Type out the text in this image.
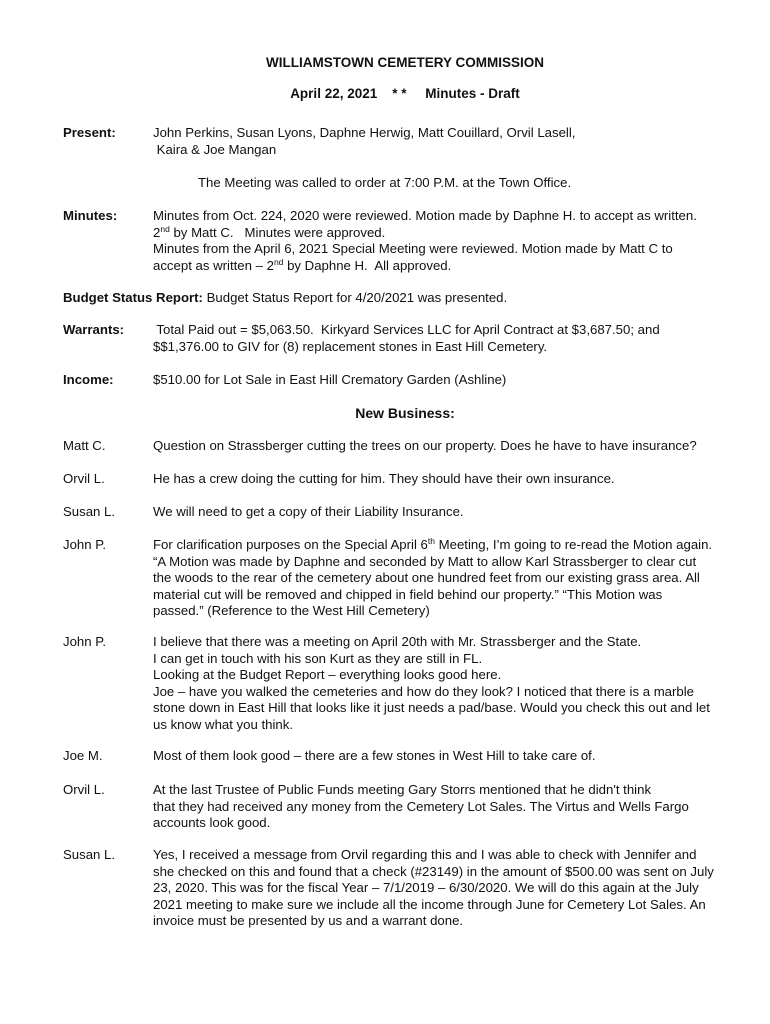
WILLIAMSTOWN CEMETERY COMMISSION
April 22, 2021 * * Minutes - Draft
Present:	John Perkins, Susan Lyons, Daphne Herwig, Matt Couillard, Orvil Lasell,
Kaira & Joe Mangan
The Meeting was called to order at 7:00 P.M. at the Town Office.
Minutes:	Minutes from Oct. 224, 2020 were reviewed. Motion made by Daphne H. to accept as written.
2nd by Matt C.   Minutes were approved.
Minutes from the April 6, 2021 Special Meeting were reviewed. Motion made by Matt C to
accept as written – 2nd by Daphne H.  All approved.
Budget Status Report: Budget Status Report for 4/20/2021 was presented.
Warrants: Total Paid out = $5,063.50.  Kirkyard Services LLC for April Contract at $3,687.50; and
$$1,376.00 to GIV for (8) replacement stones in East Hill Cemetery.
Income:	$510.00 for Lot Sale in East Hill Crematory Garden (Ashline)
New Business:
Matt C.	Question on Strassberger cutting the trees on our property. Does he have to have insurance?
Orvil L.	He has a crew doing the cutting for him. They should have their own insurance.
Susan L.	We will need to get a copy of their Liability Insurance.
John P.	For clarification purposes on the Special April 6th Meeting, I’m going to re-read the Motion again.
“A Motion was made by Daphne and seconded by Matt to allow Karl Strassberger to clear cut
the woods to the rear of the cemetery about one hundred feet from our existing grass area. All
material cut will be removed and chipped in field behind our property.” “This Motion was
passed.” (Reference to the West Hill Cemetery)
John P.	I believe that there was a meeting on April 20th with Mr. Strassberger and the State.
I can get in touch with his son Kurt as they are still in FL.
Looking at the Budget Report – everything looks good here.
Joe – have you walked the cemeteries and how do they look? I noticed that there is a marble
stone down in East Hill that looks like it just needs a pad/base. Would you check this out and let
us know what you think.
Joe M.	Most of them look good – there are a few stones in West Hill to take care of.
Orvil L.	At the last Trustee of Public Funds meeting Gary Storrs mentioned that he didn't think
that they had received any money from the Cemetery Lot Sales. The Virtus and Wells Fargo
accounts look good.
Susan L.	Yes, I received a message from Orvil regarding this and I was able to check with Jennifer and
she checked on this and found that a check (#23149) in the amount of $500.00 was sent on July
23, 2020. This was for the fiscal Year – 7/1/2019 – 6/30/2020. We will do this again at the July
2021 meeting to make sure we include all the income through June for Cemetery Lot Sales. An
invoice must be presented by us and a warrant done.
